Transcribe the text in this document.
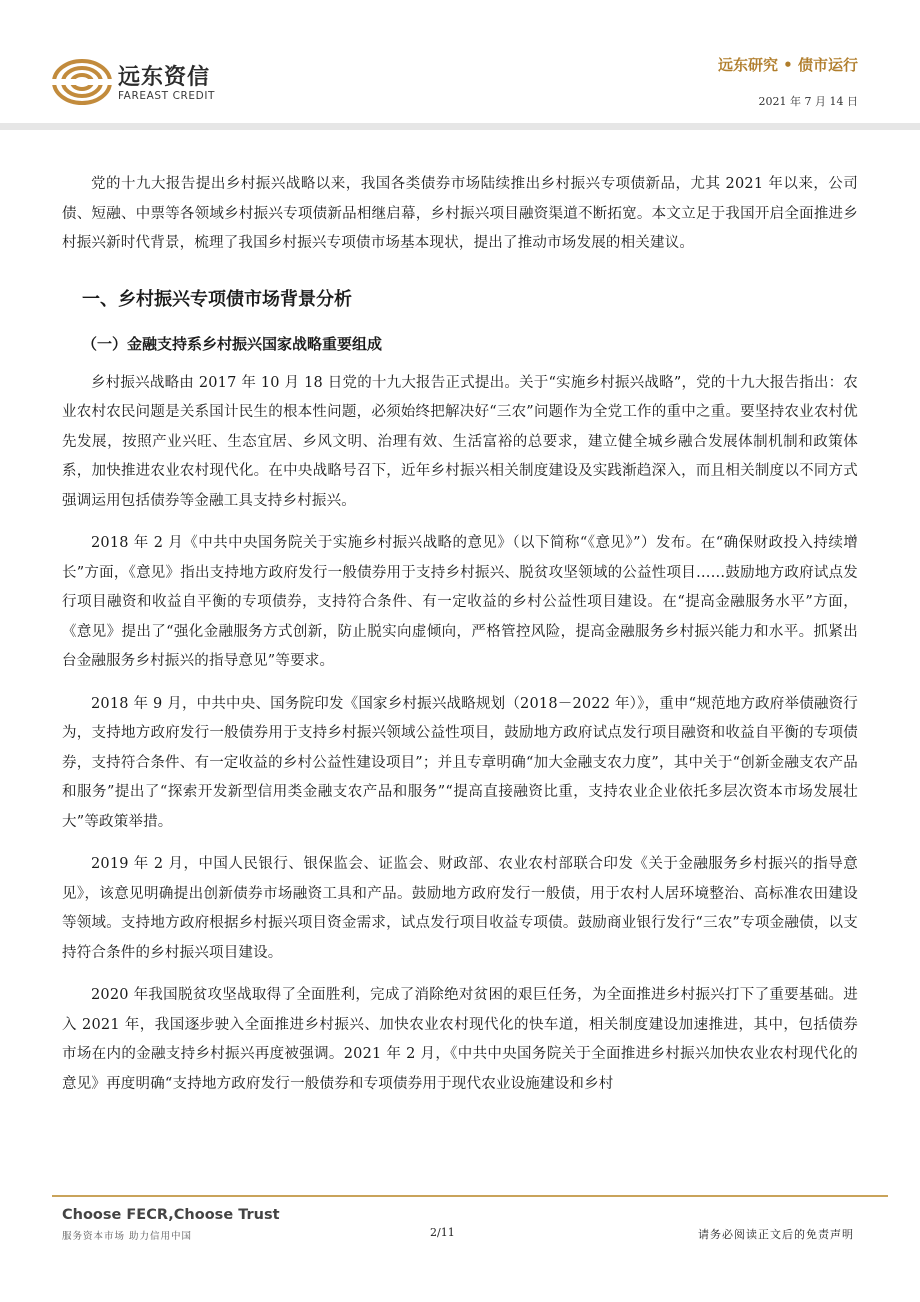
远东资信
FAREAST CREDIT
远东研究 • 债市运行
2021 年 7 月 14 日

党的十九大报告提出乡村振兴战略以来，我国各类债券市场陆续推出乡村振兴专项债新品，尤其 2021 年以来，公司债、短融、中票等各领域乡村振兴专项债新品相继启幕，乡村振兴项目融资渠道不断拓宽。本文立足于我国开启全面推进乡村振兴新时代背景，梳理了我国乡村振兴专项债市场基本现状，提出了推动市场发展的相关建议。

一、乡村振兴专项债市场背景分析
（一）金融支持系乡村振兴国家战略重要组成

乡村振兴战略由 2017 年 10 月 18 日党的十九大报告正式提出。关于“实施乡村振兴战略”，党的十九大报告指出：农业农村农民问题是关系国计民生的根本性问题，必须始终把解决好“三农”问题作为全党工作的重中之重。要坚持农业农村优先发展，按照产业兴旺、生态宜居、乡风文明、治理有效、生活富裕的总要求，建立健全城乡融合发展体制机制和政策体系，加快推进农业农村现代化。在中央战略号召下，近年乡村振兴相关制度建设及实践渐趋深入，而且相关制度以不同方式强调运用包括债券等金融工具支持乡村振兴。

2018 年 2 月《中共中央国务院关于实施乡村振兴战略的意见》（以下简称“《意见》”）发布。在“确保财政投入持续增长”方面，《意见》指出支持地方政府发行一般债券用于支持乡村振兴、脱贫攻坚领域的公益性项目……鼓励地方政府试点发行项目融资和收益自平衡的专项债券，支持符合条件、有一定收益的乡村公益性项目建设。在“提高金融服务水平”方面，《意见》提出了“强化金融服务方式创新，防止脱实向虚倾向，严格管控风险，提高金融服务乡村振兴能力和水平。抓紧出台金融服务乡村振兴的指导意见”等要求。

2018 年 9 月，中共中央、国务院印发《国家乡村振兴战略规划（2018－2022 年）》，重申“规范地方政府举债融资行为，支持地方政府发行一般债券用于支持乡村振兴领域公益性项目，鼓励地方政府试点发行项目融资和收益自平衡的专项债券，支持符合条件、有一定收益的乡村公益性建设项目”；并且专章明确“加大金融支农力度”，其中关于“创新金融支农产品和服务”提出了“探索开发新型信用类金融支农产品和服务”“提高直接融资比重，支持农业企业依托多层次资本市场发展壮大”等政策举措。

2019 年 2 月，中国人民银行、银保监会、证监会、财政部、农业农村部联合印发《关于金融服务乡村振兴的指导意见》，该意见明确提出创新债券市场融资工具和产品。鼓励地方政府发行一般债，用于农村人居环境整治、高标准农田建设等领域。支持地方政府根据乡村振兴项目资金需求，试点发行项目收益专项债。鼓励商业银行发行“三农”专项金融债，以支持符合条件的乡村振兴项目建设。

2020 年我国脱贫攻坚战取得了全面胜利，完成了消除绝对贫困的艰巨任务，为全面推进乡村振兴打下了重要基础。进入 2021 年，我国逐步驶入全面推进乡村振兴、加快农业农村现代化的快车道，相关制度建设加速推进，其中，包括债券市场在内的金融支持乡村振兴再度被强调。2021 年 2 月，《中共中央国务院关于全面推进乡村振兴加快农业农村现代化的意见》再度明确“支持地方政府发行一般债券和专项债券用于现代农业设施建设和乡村

Choose FECR,Choose Trust
服务资本市场 助力信用中国	2/11	请务必阅读正文后的免责声明
